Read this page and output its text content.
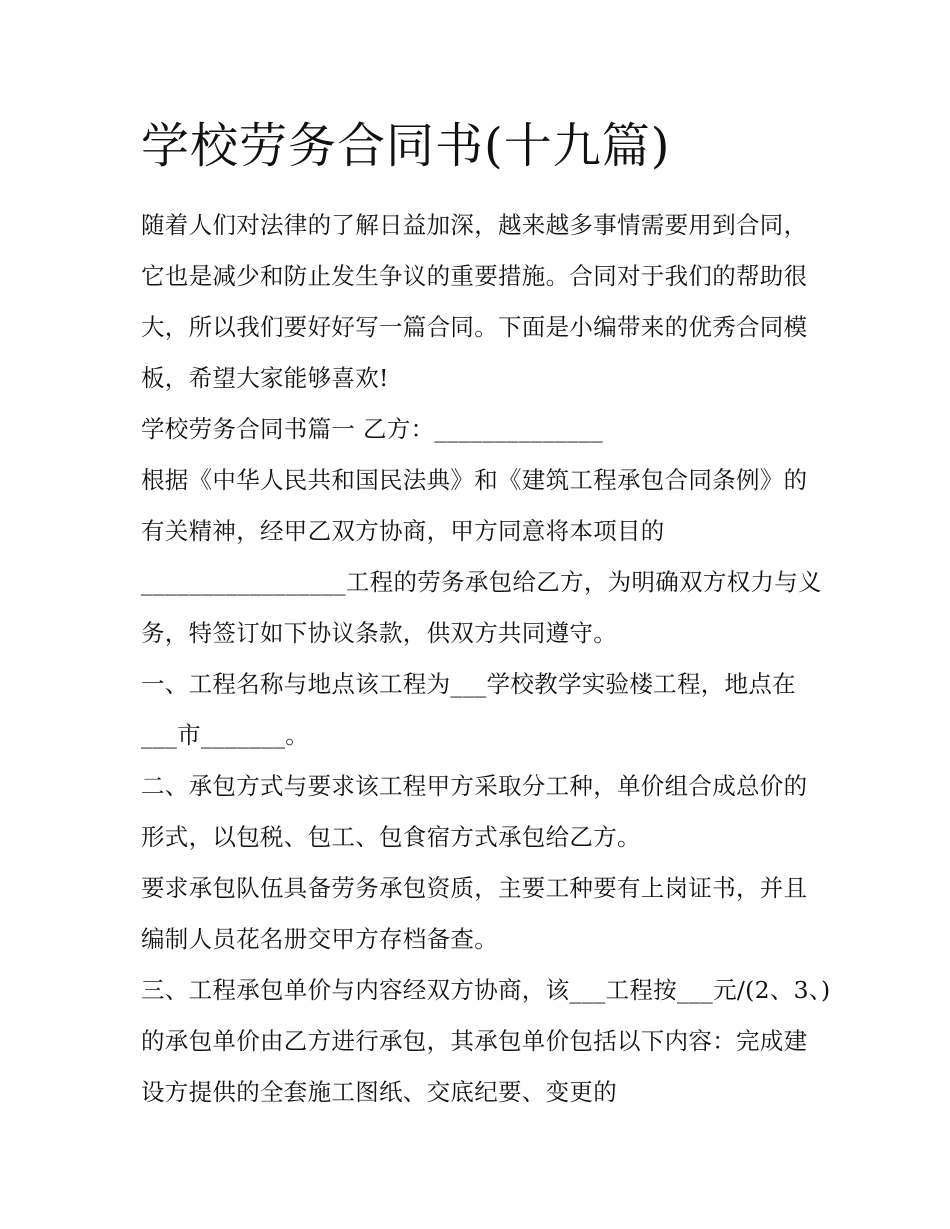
学校劳务合同书(十九篇)

随着人们对法律的了解日益加深，越来越多事情需要用到合同，它也是减少和防止发生争议的重要措施。合同对于我们的帮助很大，所以我们要好好写一篇合同。下面是小编带来的优秀合同模板，希望大家能够喜欢!

学校劳务合同书篇一 乙方：______________

根据《中华人民共和国民法典》和《建筑工程承包合同条例》的有关精神，经甲乙双方协商，甲方同意将本项目的_________________工程的劳务承包给乙方，为明确双方权力与义务，特签订如下协议条款，供双方共同遵守。

一、工程名称与地点该工程为___学校教学实验楼工程，地点在___市_______。

二、承包方式与要求该工程甲方采取分工种，单价组合成总价的形式，以包税、包工、包食宿方式承包给乙方。

要求承包队伍具备劳务承包资质，主要工种要有上岗证书，并且编制人员花名册交甲方存档备查。

三、工程承包单价与内容经双方协商，该___工程按___元/(2、3、)的承包单价由乙方进行承包，其承包单价包括以下内容：完成建设方提供的全套施工图纸、交底纪要、变更的
